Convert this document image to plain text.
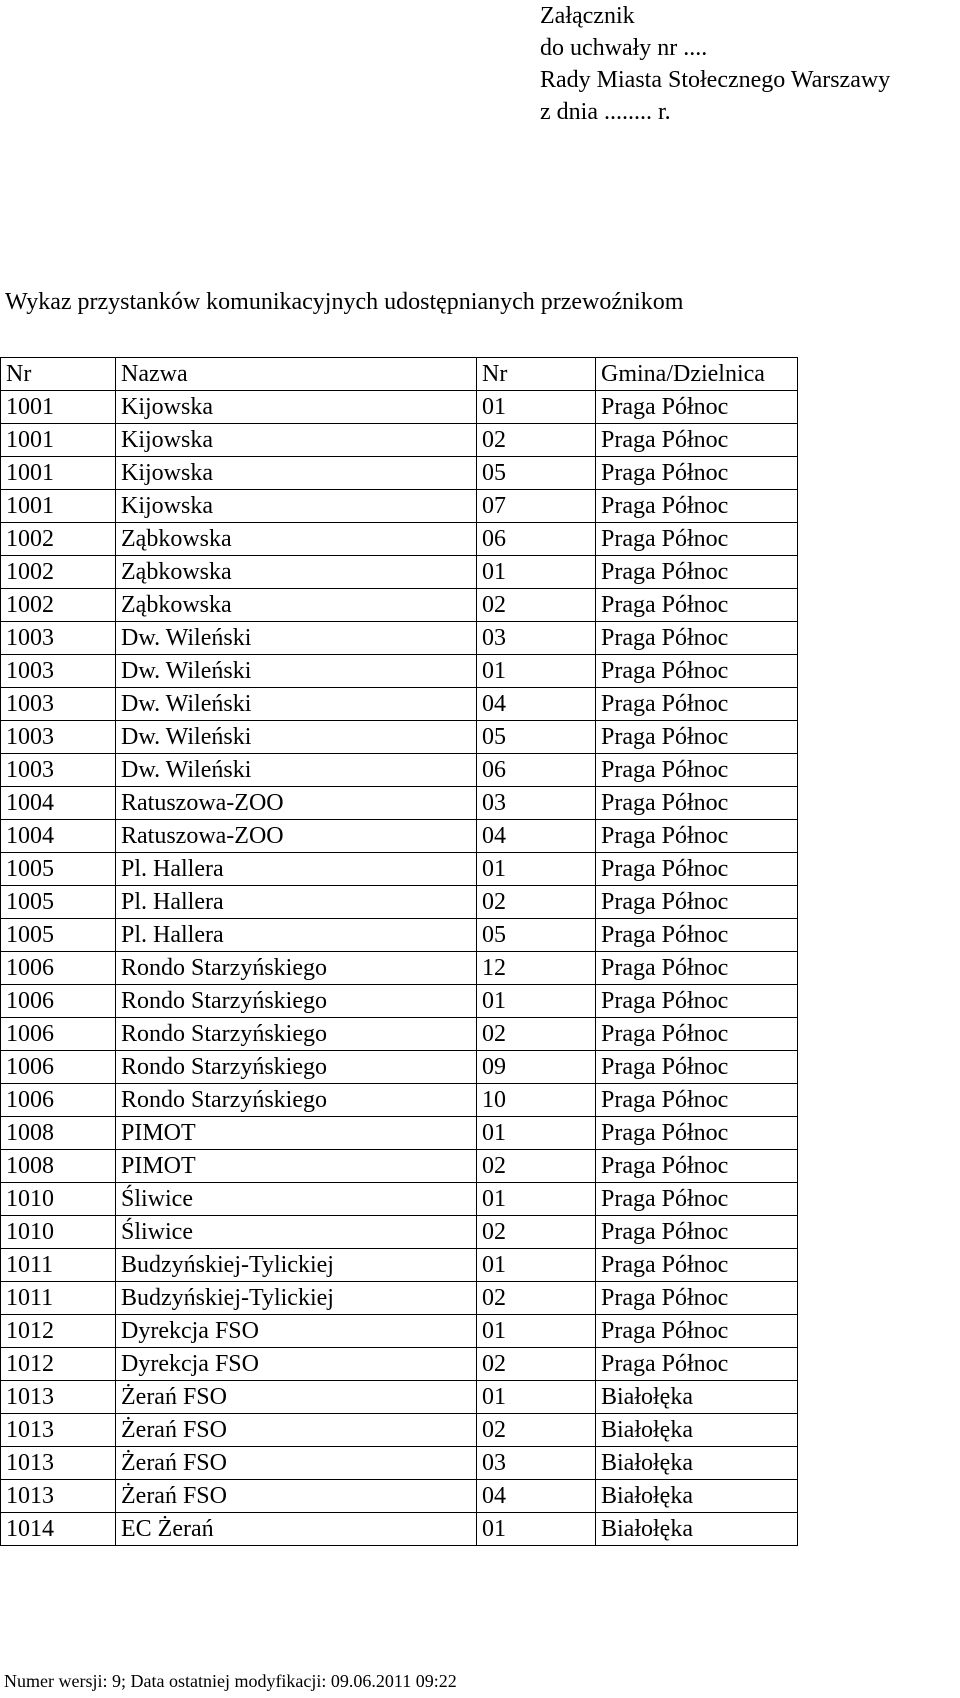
Załącznik
do uchwały nr ....
Rady Miasta Stołecznego Warszawy
z dnia ........ r.
Wykaz przystanków komunikacyjnych udostępnianych przewoźnikom
Nr	Nazwa	Nr	Gmina/Dzielnica
1001	Kijowska	01	Praga Północ
1001	Kijowska	02	Praga Północ
1001	Kijowska	05	Praga Północ
1001	Kijowska	07	Praga Północ
1002	Ząbkowska	06	Praga Północ
1002	Ząbkowska	01	Praga Północ
1002	Ząbkowska	02	Praga Północ
1003	Dw. Wileński	03	Praga Północ
1003	Dw. Wileński	01	Praga Północ
1003	Dw. Wileński	04	Praga Północ
1003	Dw. Wileński	05	Praga Północ
1003	Dw. Wileński	06	Praga Północ
1004	Ratuszowa-ZOO	03	Praga Północ
1004	Ratuszowa-ZOO	04	Praga Północ
1005	Pl. Hallera	01	Praga Północ
1005	Pl. Hallera	02	Praga Północ
1005	Pl. Hallera	05	Praga Północ
1006	Rondo Starzyńskiego	12	Praga Północ
1006	Rondo Starzyńskiego	01	Praga Północ
1006	Rondo Starzyńskiego	02	Praga Północ
1006	Rondo Starzyńskiego	09	Praga Północ
1006	Rondo Starzyńskiego	10	Praga Północ
1008	PIMOT	01	Praga Północ
1008	PIMOT	02	Praga Północ
1010	Śliwice	01	Praga Północ
1010	Śliwice	02	Praga Północ
1011	Budzyńskiej-Tylickiej	01	Praga Północ
1011	Budzyńskiej-Tylickiej	02	Praga Północ
1012	Dyrekcja FSO	01	Praga Północ
1012	Dyrekcja FSO	02	Praga Północ
1013	Żerań FSO	01	Białołęka
1013	Żerań FSO	02	Białołęka
1013	Żerań FSO	03	Białołęka
1013	Żerań FSO	04	Białołęka
1014	EC Żerań	01	Białołęka
Numer wersji: 9; Data ostatniej modyfikacji: 09.06.2011 09:22
